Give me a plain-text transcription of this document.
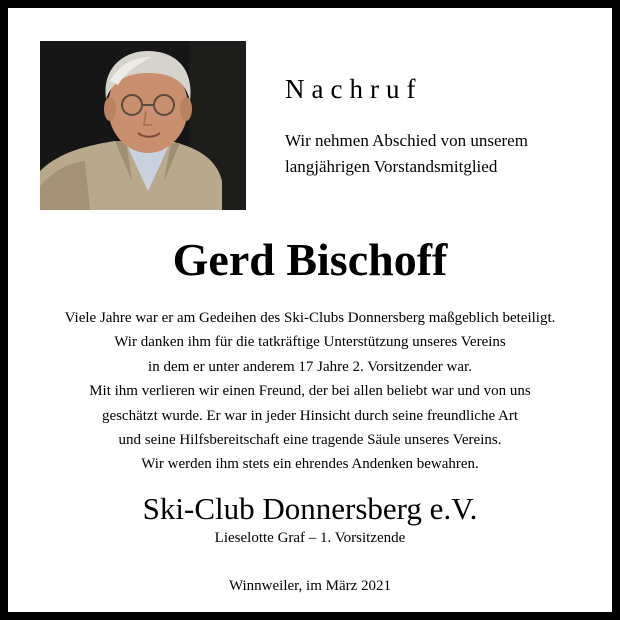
Nachruf
Wir nehmen Abschied von unserem
langjährigen Vorstandsmitglied
Gerd Bischoff
Viele Jahre war er am Gedeihen des Ski-Clubs Donnersberg maßgeblich beteiligt.
Wir danken ihm für die tatkräftige Unterstützung unseres Vereins
in dem er unter anderem 17 Jahre 2. Vorsitzender war.
Mit ihm verlieren wir einen Freund, der bei allen beliebt war und von uns
geschätzt wurde. Er war in jeder Hinsicht durch seine freundliche Art
und seine Hilfsbereitschaft eine tragende Säule unseres Vereins.
Wir werden ihm stets ein ehrendes Andenken bewahren.
Ski-Club Donnersberg e.V.
Lieselotte Graf – 1. Vorsitzende
Winnweiler, im März 2021
